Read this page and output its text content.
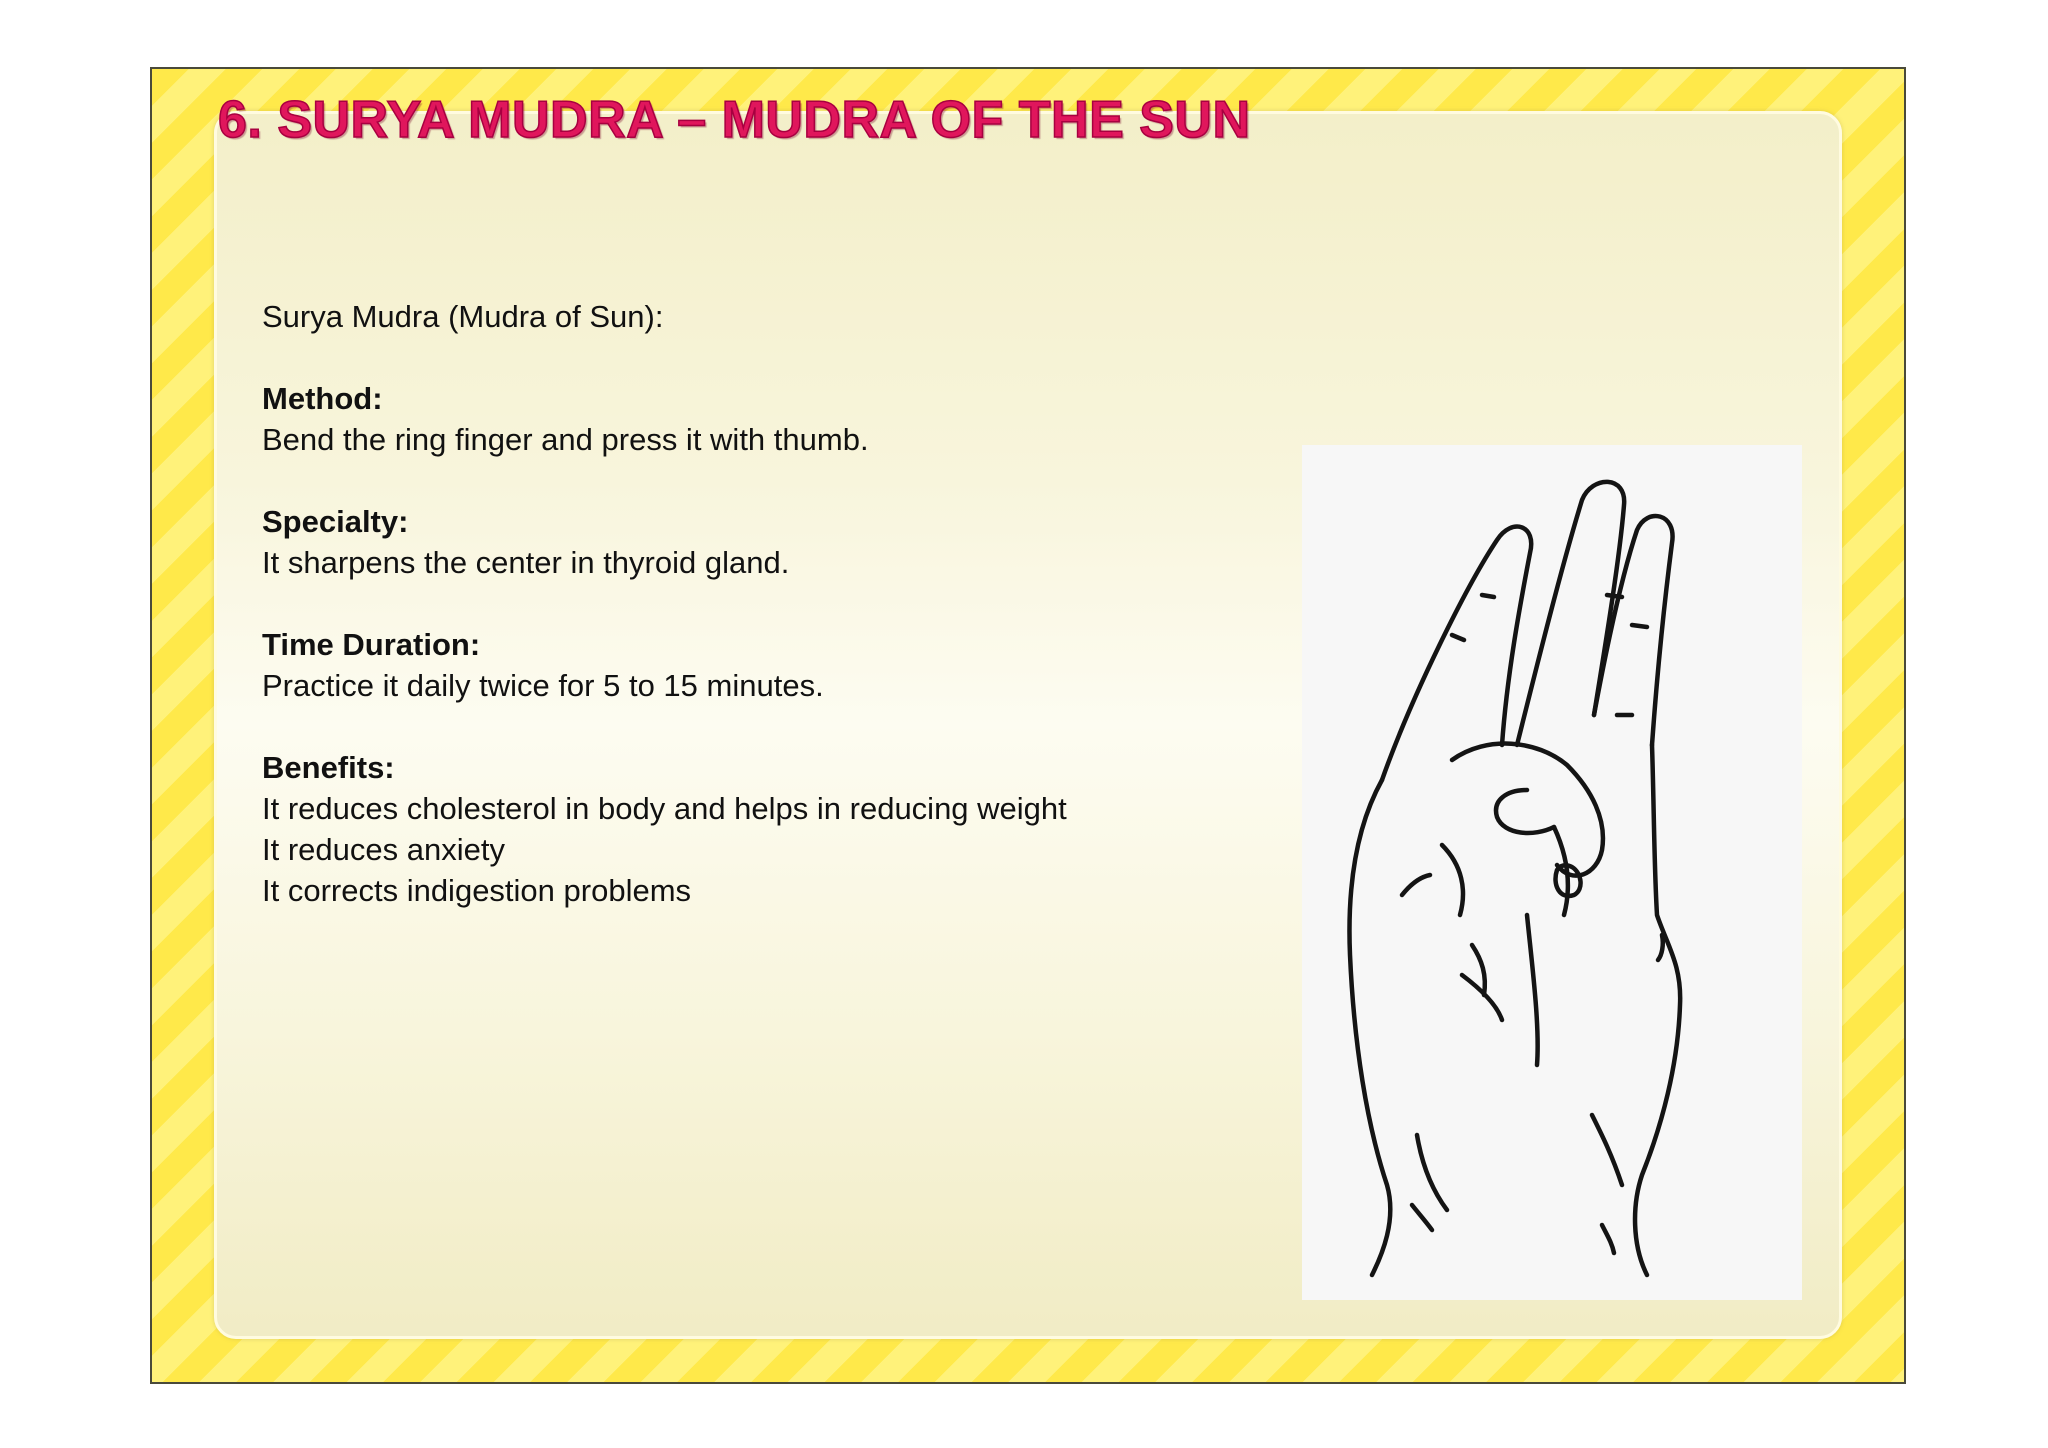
6. SURYA MUDRA – MUDRA OF THE SUN

Surya Mudra (Mudra of Sun):

Method:

Bend the ring finger and press it with thumb.

Specialty:

It sharpens the center in thyroid gland.

Time Duration:

Practice it daily twice for 5 to 15 minutes.

Benefits:

It reduces cholesterol in body and helps in reducing weight

It reduces anxiety

It corrects indigestion problems
